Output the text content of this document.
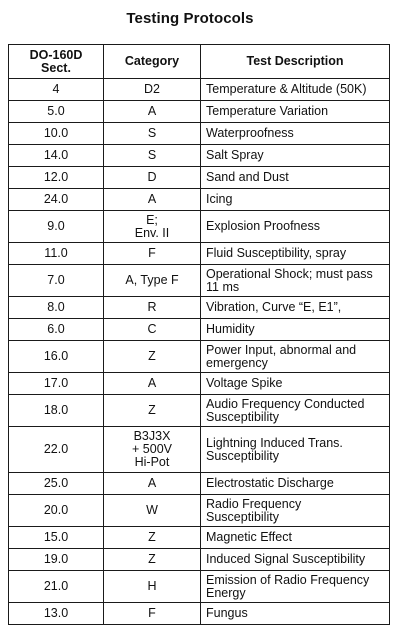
Testing Protocols
DO-160D
Sect.	Category	Test Description

4	D2	Temperature & Altitude (50K)

5.0	A	Temperature Variation

10.0	S	Waterproofness

14.0	S	Salt Spray

12.0	D	Sand and Dust

24.0	A	Icing

9.0	E;
Env. II	Explosion Proofness

11.0	F	Fluid Susceptibility, spray

7.0	A, Type F	Operational Shock; must pass
11 ms

8.0	R	Vibration, Curve “E, E1”,

6.0	C	Humidity

16.0	Z	Power Input, abnormal and
emergency

17.0	A	Voltage Spike

18.0	Z	Audio Frequency Conducted
Susceptibility

22.0	B3J3X
+ 500V
Hi-Pot	Lightning Induced Trans.
Susceptibility

25.0	A	Electrostatic Discharge

20.0	W	Radio Frequency
Susceptibility

15.0	Z	Magnetic Effect

19.0	Z	Induced Signal Susceptibility

21.0	H	Emission of Radio Frequency
Energy

13.0	F	Fungus
